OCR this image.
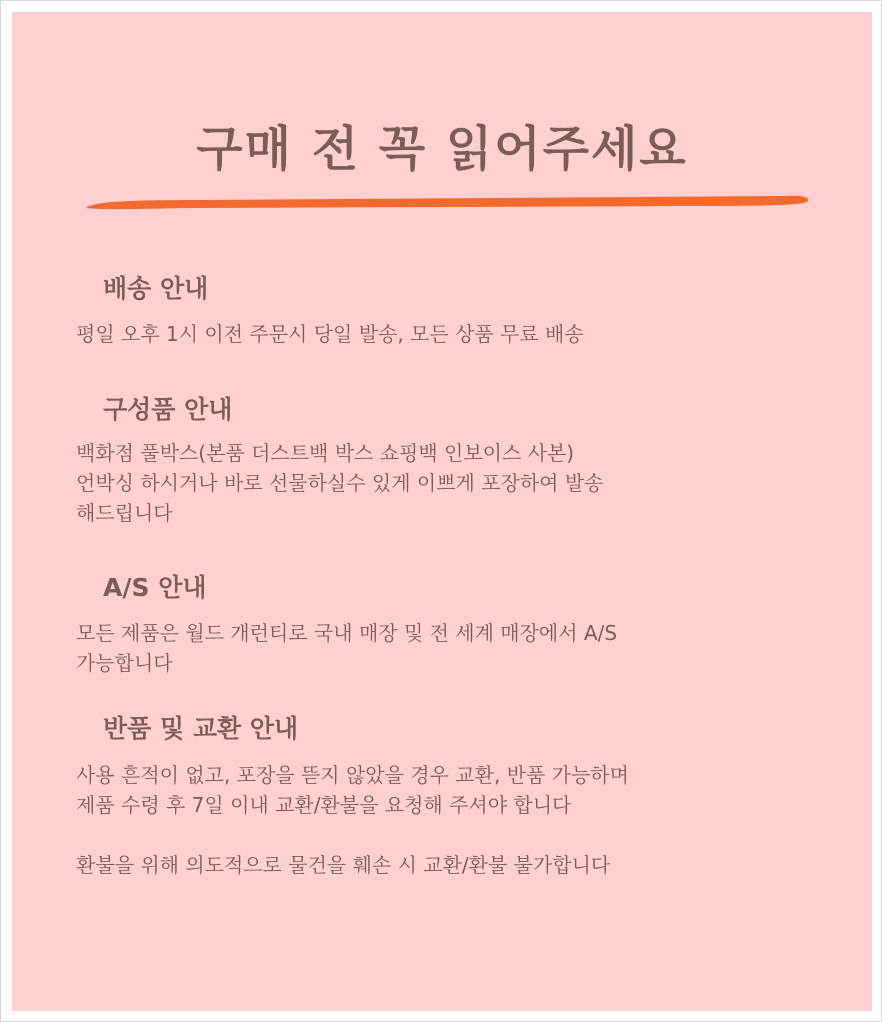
구매 전 꼭 읽어주세요
배송 안내
평일 오후 1시 이전 주문시 당일 발송, 모든 상품 무료 배송
구성품 안내
백화점 풀박스(본품 더스트백 박스 쇼핑백 인보이스 사본)
언박싱 하시거나 바로 선물하실수 있게 이쁘게 포장하여 발송
해드립니다
A/S 안내
모든 제품은 월드 개런티로 국내 매장 및 전 세계 매장에서 A/S
가능합니다
반품 및 교환 안내
사용 흔적이 없고, 포장을 뜯지 않았을 경우 교환, 반품 가능하며
제품 수령 후 7일 이내 교환/환불을 요청해 주셔야 합니다
환불을 위해 의도적으로 물건을 훼손 시 교환/환불 불가합니다
